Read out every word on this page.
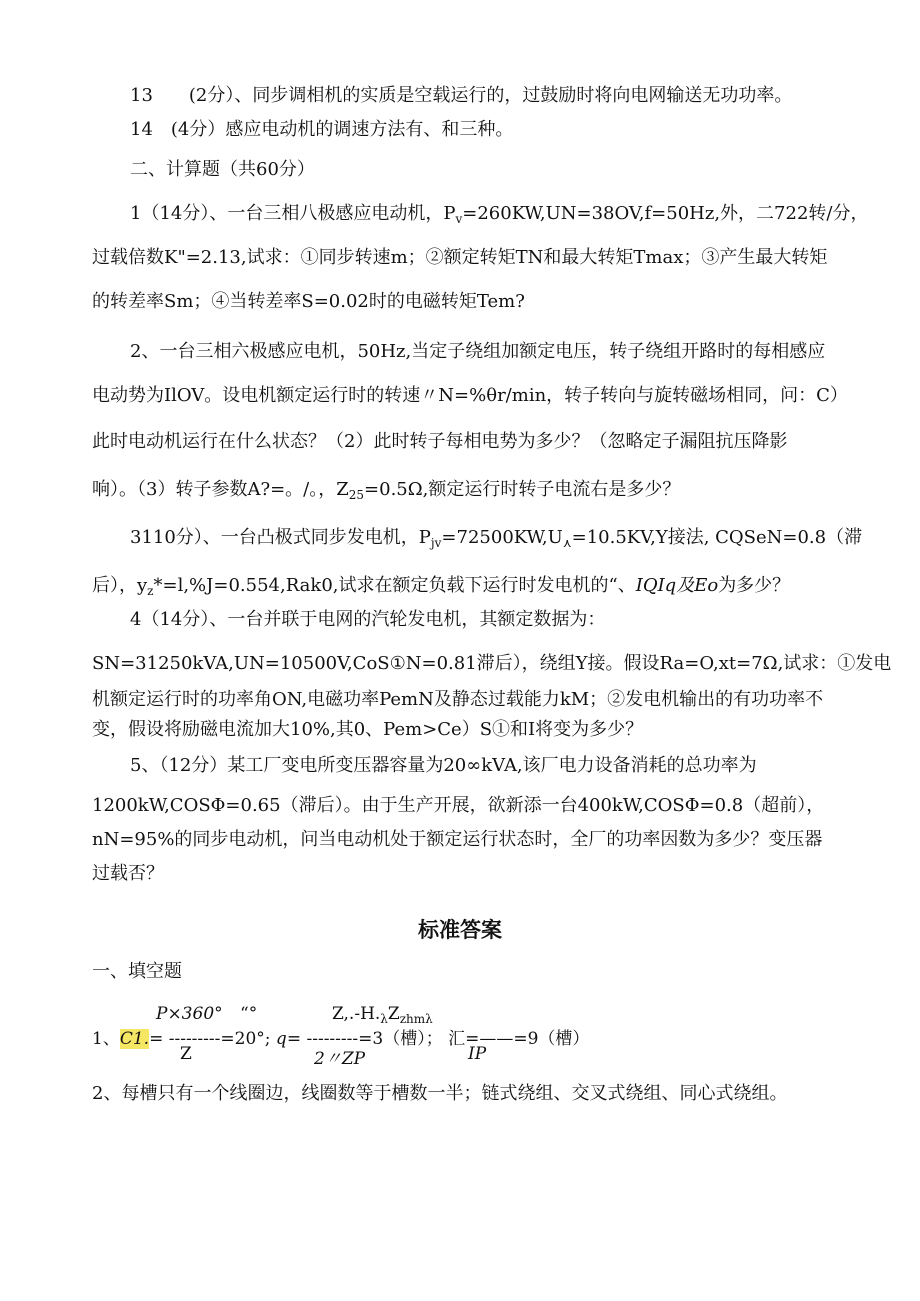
13　　(2分）、同步调相机的实质是空载运行的，过鼓励时将向电网输送无功功率。
14　(4分）感应电动机的调速方法有、和三种。
二、计算题（共60分）
1（14分）、一台三相八极感应电动机，$P_v=260KW,UN=38OV,f=50Hz$,外，二722转/分，
过载倍数K"=2.13,试求：①同步转速m；②额定转矩TN和最大转矩Tmax；③产生最大转矩
的转差率Sm；④当转差率S=0.02时的电磁转矩Tem?
2、一台三相六极感应电机，50Hz,当定子绕组加额定电压，转子绕组开路时的每相感应
电动势为IlOV。设电机额定运行时的转速〃N=%θr/min，转子转向与旋转磁场相同，问：C）
此时电动机运行在什么状态？（2）此时转子每相电势为多少？（忽略定子漏阻抗压降影
响）。（3）转子参数A?=。/。，$Z_{25}=0.5\Omega$,额定运行时转子电流右是多少？
3110分）、一台凸极式同步发电机，$P_{jv}=72500KW,U_⋏=10.5KV,Y$接法, CQSeN=0.8（滞
后），$y_z*=l,\%J=0.554,Rak0$,试求在额定负载下运行时发电机的“、IQIq及Eo为多少？
4（14分）、一台并联于电网的汽轮发电机，其额定数据为：
SN=31250kVA,UN=10500V,CoS①N=0.81滞后），绕组Y接。假设Ra=O,xt=7Ω,试求：①发电
机额定运行时的功率角ON,电磁功率PemN及静态过载能力kM；②发电机输出的有功功率不
变，假设将励磁电流加大10%,其0、Pem>Ce）S①和I将变为多少？
5、（12分）某工厂变电所变压器容量为20∞kVA,该厂电力设备消耗的总功率为
1200kW,COSΦ=0.65（滞后）。由于生产开展，欲新添一台400kW,COSΦ=0.8（超前），
nN=95%的同步电动机，问当电动机处于额定运行状态时，全厂的功率因数为多少？变压器
过载否？
标准答案
一、填空题
P×360° “°	$Z,.-H._\lambda Z_{zhm\lambda}$
1、C1.= ---------=20°; q= ---------=3（槽）； 汇=——=9（槽）
Z	2〃ZP	IP
2、每槽只有一个线圈边，线圈数等于槽数一半；链式绕组、交叉式绕组、同心式绕组。
